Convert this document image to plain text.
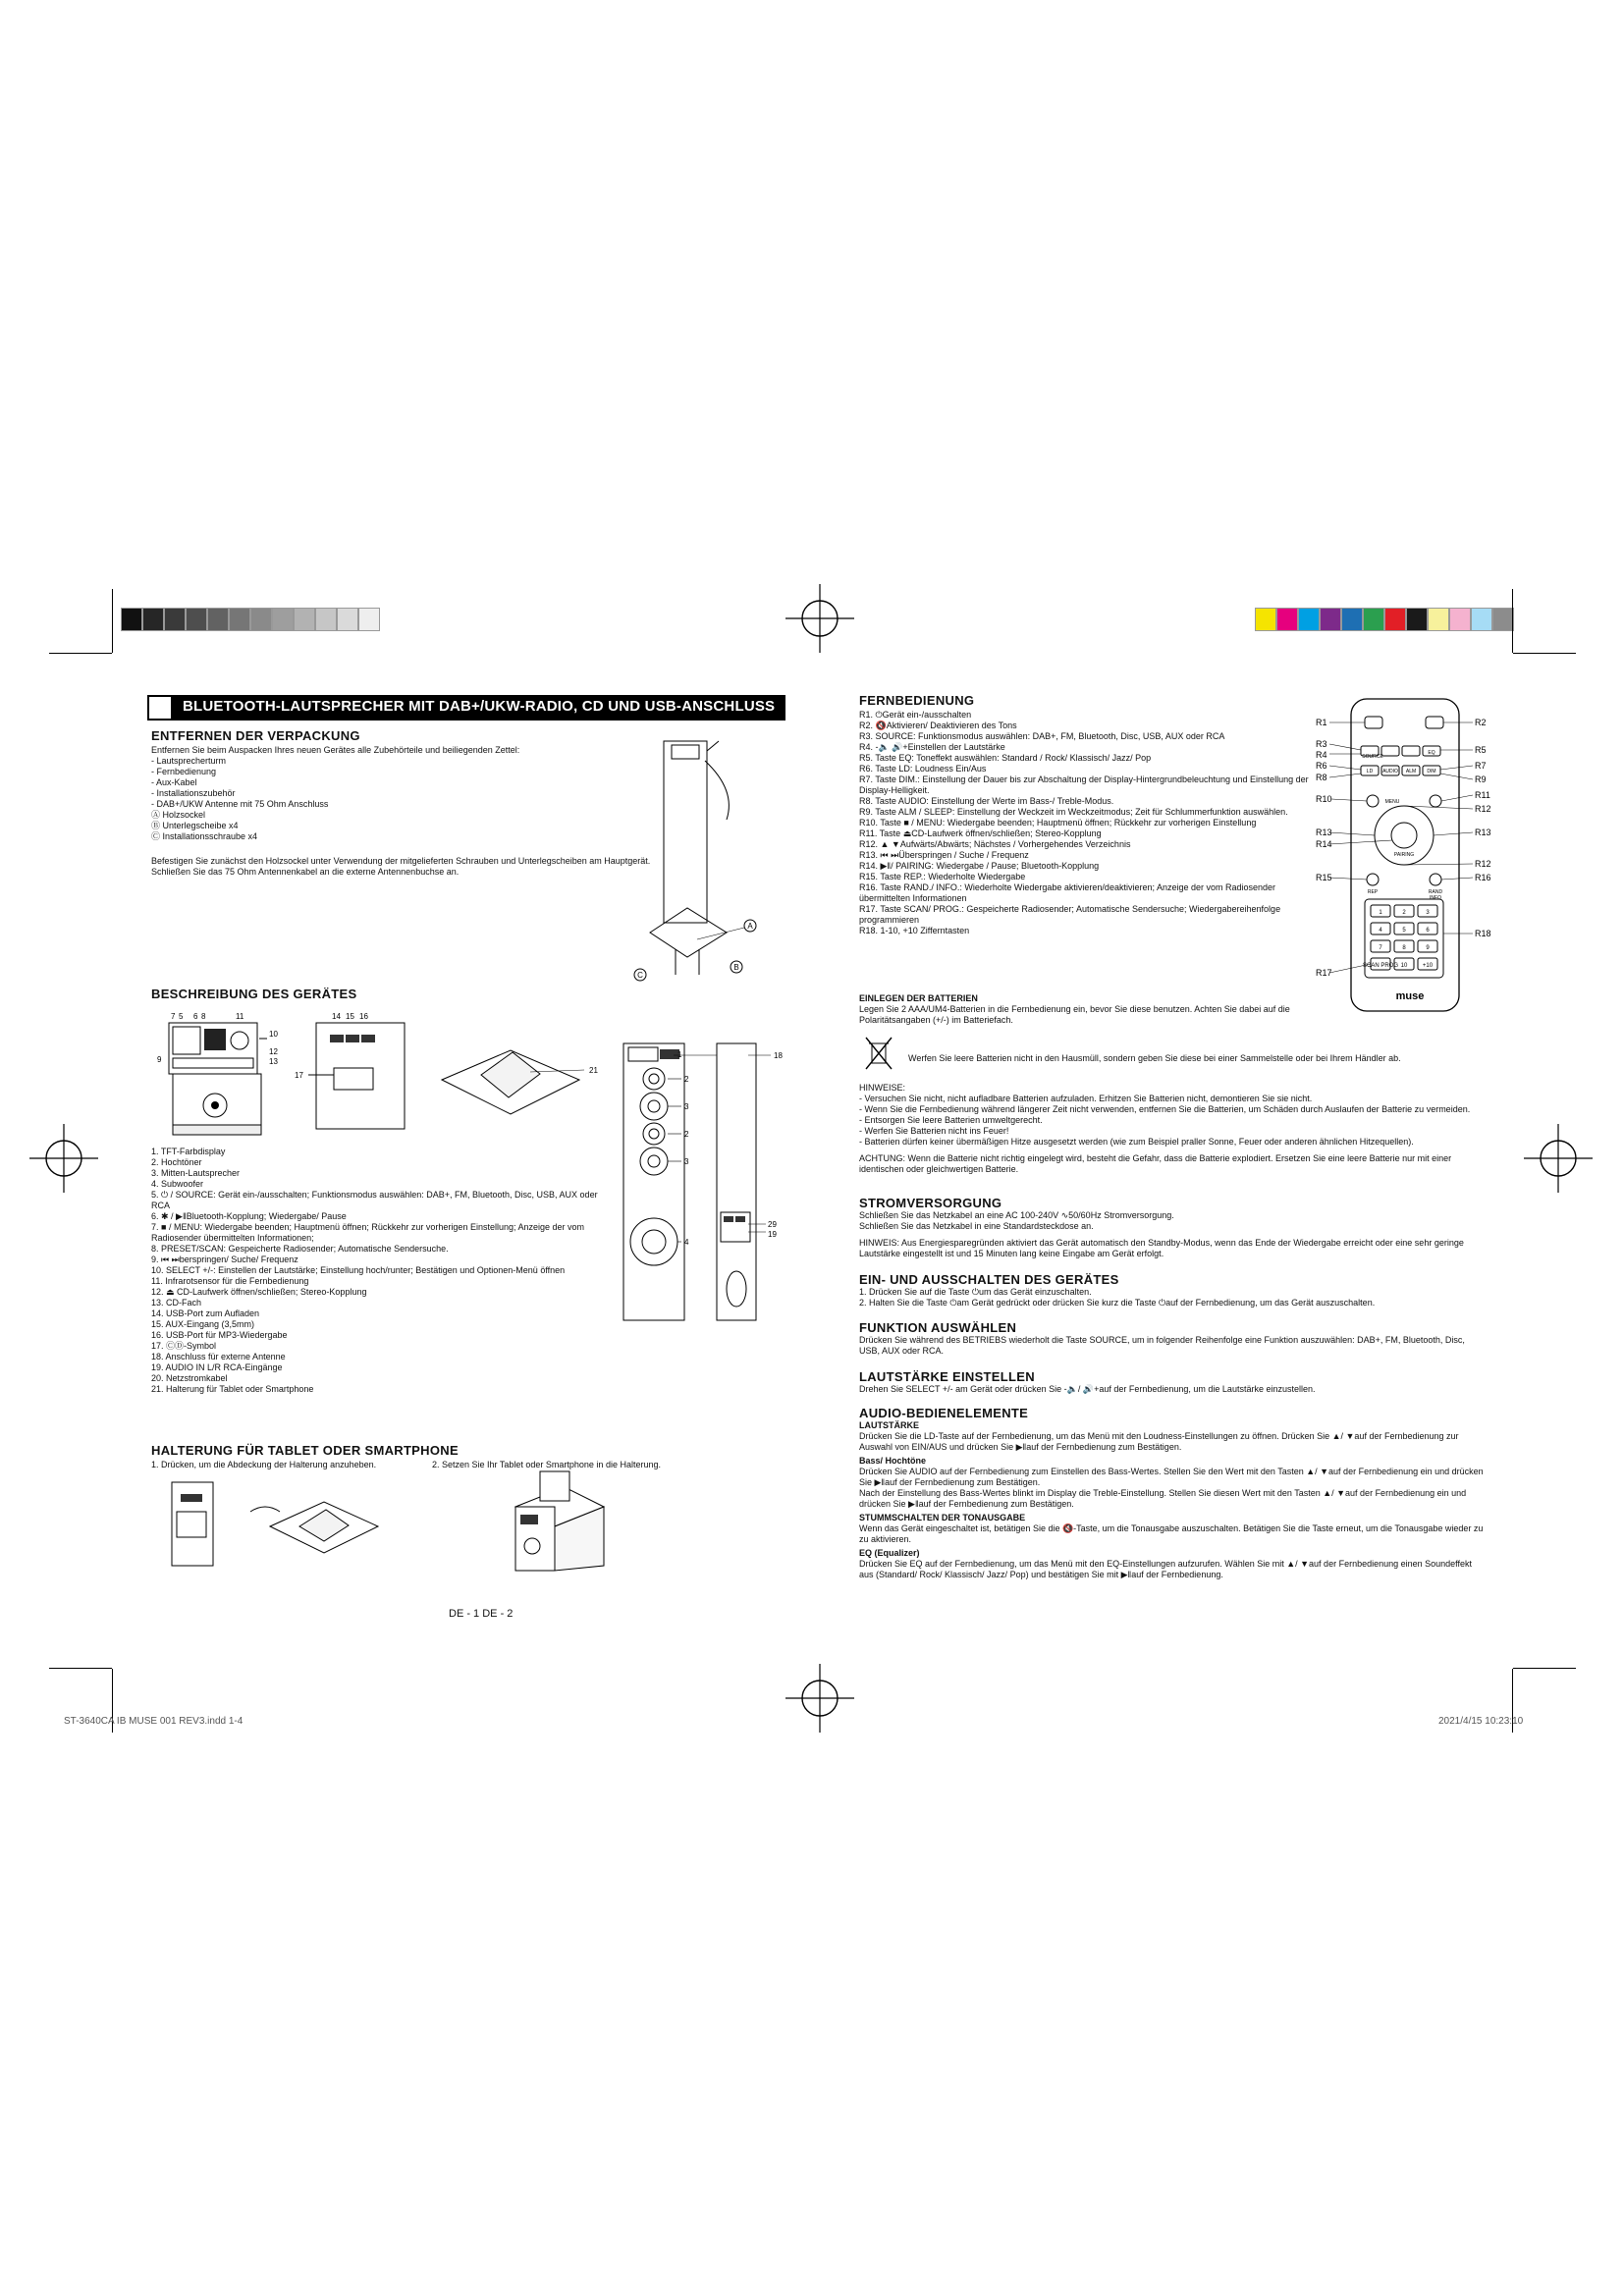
BLUETOOTH-LAUTSPRECHER MIT DAB+/UKW-RADIO, CD UND USB-ANSCHLUSS
ENTFERNEN DER VERPACKUNG
Entfernen Sie beim Auspacken Ihres neuen Gerätes alle Zubehörteile und beiliegenden Zettel:

- Lautsprecherturm

- Fernbedienung

- Aux-Kabel

- Installationszubehör

- DAB+/UKW Antenne mit 75 Ohm Anschluss

Ⓐ Holzsockel

Ⓑ Unterlegscheibe x4

Ⓒ Installationsschraube x4

Befestigen Sie zunächst den Holzsockel unter Verwendung der mitgelieferten Schrauben und Unterlegscheiben am Hauptgerät. Schließen Sie das 75 Ohm Antennenkabel an die externe Antennenbuchse an.
A
B
C
BESCHREIBUNG DES GERÄTES
7 5 6 8	11
10
12
13
9
14 15 16
17
21
2
3
2
3
4
1	18
29
19

1. TFT-Farbdisplay

2. Hochtöner

3. Mitten-Lautsprecher

4. Subwoofer

5. ⏻ / SOURCE: Gerät ein-/ausschalten; Funktionsmodus auswählen: DAB+, FM, Bluetooth, Disc, USB, AUX oder RCA

6. ✱ / ▶‖Bluetooth-Kopplung; Wiedergabe/ Pause

7. ■ / MENU: Wiedergabe beenden; Hauptmenü öffnen; Rückkehr zur vorherigen Einstellung; Anzeige der vom Radiosender übermittelten Informationen;

8. PRESET/SCAN: Gespeicherte Radiosender; Automatische Sendersuche.

9. ⏮ ⏭berspringen/ Suche/ Frequenz

10. SELECT +/-: Einstellen der Lautstärke; Einstellung hoch/runter; Bestätigen und Optionen-Menü öffnen

11. Infrarotsensor für die Fernbedienung

12. ⏏ CD-Laufwerk öffnen/schließen; Stereo-Kopplung

13. CD-Fach

14. USB-Port zum Aufladen

15. AUX-Eingang (3,5mm)

16. USB-Port für MP3-Wiedergabe

17. ⒸⒹ-Symbol

18. Anschluss für externe Antenne

19. AUDIO IN L/R RCA-Eingänge

20. Netzstromkabel

21. Halterung für Tablet oder Smartphone

HALTERUNG FÜR TABLET ODER SMARTPHONE
1. Drücken, um die Abdeckung der Halterung anzuheben.	2. Setzen Sie Ihr Tablet oder Smartphone in die Halterung.
DE - 1 DE - 2
FERNBEDIENUNG

R1. ⏻Gerät ein-/ausschalten

R2. 🔇Aktivieren/ Deaktivieren des Tons

R3. SOURCE: Funktionsmodus auswählen: DAB+, FM, Bluetooth, Disc, USB, AUX oder RCA

R4. -🔈 🔊+Einstellen der Lautstärke

R5. Taste EQ: Toneffekt auswählen: Standard / Rock/ Klassisch/ Jazz/ Pop

R6. Taste LD: Loudness Ein/Aus

R7. Taste DIM.: Einstellung der Dauer bis zur Abschaltung der Display-Hintergrundbeleuchtung und Einstellung der Display-Helligkeit.

R8. Taste AUDIO: Einstellung der Werte im Bass-/ Treble-Modus.

R9. Taste ALM / SLEEP: Einstellung der Weckzeit im Weckzeitmodus; Zeit für Schlummerfunktion auswählen.

R10. Taste ■ / MENU: Wiedergabe beenden; Hauptmenü öffnen; Rückkehr zur vorherigen Einstellung

R11. Taste ⏏CD-Laufwerk öffnen/schließen; Stereo-Kopplung

R12. ▲ ▼Aufwärts/Abwärts; Nächstes / Vorhergehendes Verzeichnis

R13. ⏮ ⏭Überspringen / Suche / Frequenz

R14. ▶‖/ PAIRING: Wiedergabe / Pause; Bluetooth-Kopplung

R15. Taste REP.: Wiederholte Wiedergabe

R16. Taste RAND./ INFO.: Wiederholte Wiedergabe aktivieren/deaktivieren; Anzeige der vom Radiosender übermittelten Informationen

R17. Taste SCAN/ PROG.: Gespeicherte Radiosender; Automatische Sendersuche; Wiedergabereihenfolge programmieren

R18. 1-10, +10 Zifferntasten

1	2	3
4	5	6
7	8	9
SCAN PROG 10	+10
SOURCE
EQ
LD AUDIO ALM DIM
MENU
PAIRING
REP	RAND
INFO
muse
R1
R3
R4
R6
R8
R10
R13
R14
R15
R17
R2
R5
R7
R9
R11
R12
R13
R12
R16
R18
EINLEGEN DER BATTERIEN
Legen Sie 2 AAA/UM4-Batterien in die Fernbedienung ein, bevor Sie diese benutzen. Achten Sie dabei auf die Polaritätsangaben (+/-) im Batteriefach.
Werfen Sie leere Batterien nicht in den Hausmüll, sondern geben Sie diese bei einer Sammelstelle oder bei Ihrem Händler ab.
HINWEISE:

- Versuchen Sie nicht, nicht aufladbare Batterien aufzuladen. Erhitzen Sie Batterien nicht, demontieren Sie sie nicht.

- Wenn Sie die Fernbedienung während längerer Zeit nicht verwenden, entfernen Sie die Batterien, um Schäden durch Auslaufen der Batterie zu vermeiden.

- Entsorgen Sie leere Batterien umweltgerecht.

- Werfen Sie Batterien nicht ins Feuer!

- Batterien dürfen keiner übermäßigen Hitze ausgesetzt werden (wie zum Beispiel praller Sonne, Feuer oder anderen ähnlichen Hitzequellen).

ACHTUNG: Wenn die Batterie nicht richtig eingelegt wird, besteht die Gefahr, dass die Batterie explodiert. Ersetzen Sie eine leere Batterie nur mit einer identischen oder gleichwertigen Batterie.
STROMVERSORGUNG
Schließen Sie das Netzkabel an eine AC 100-240V ∿50/60Hz Stromversorgung.
Schließen Sie das Netzkabel in eine Standardsteckdose an.
HINWEIS: Aus Energiesparegründen aktiviert das Gerät automatisch den Standby-Modus, wenn das Ende der Wiedergabe erreicht oder eine sehr geringe Lautstärke eingestellt ist und 15 Minuten lang keine Eingabe am Gerät erfolgt.
EIN- UND AUSSCHALTEN DES GERÄTES
1. Drücken Sie auf die Taste ⏻um das Gerät einzuschalten.
2. Halten Sie die Taste ⏻am Gerät gedrückt oder drücken Sie kurz die Taste ⏻auf der Fernbedienung, um das Gerät auszuschalten.
FUNKTION AUSWÄHLEN
Drücken Sie während des BETRIEBS wiederholt die Taste SOURCE, um in folgender Reihenfolge eine Funktion auszuwählen: DAB+, FM, Bluetooth, Disc, USB, AUX oder RCA.
LAUTSTÄRKE EINSTELLEN
Drehen Sie SELECT +/- am Gerät oder drücken Sie -🔈/ 🔊+auf der Fernbedienung, um die Lautstärke einzustellen.
AUDIO-BEDIENELEMENTE
LAUTSTÄRKE
Drücken Sie die LD-Taste auf der Fernbedienung, um das Menü mit den Loudness-Einstellungen zu öffnen. Drücken Sie ▲/ ▼auf der Fernbedienung zur Auswahl von EIN/AUS und drücken Sie ▶‖auf der Fernbedienung zum Bestätigen.
Bass/ Hochtöne
Drücken Sie AUDIO auf der Fernbedienung zum Einstellen des Bass-Wertes. Stellen Sie den Wert mit den Tasten ▲/ ▼auf der Fernbedienung ein und drücken Sie ▶‖auf der Fernbedienung zum Bestätigen.
Nach der Einstellung des Bass-Wertes blinkt im Display die Treble-Einstellung. Stellen Sie diesen Wert mit den Tasten ▲/ ▼auf der Fernbedienung ein und drücken Sie ▶‖auf der Fernbedienung zum Bestätigen.
STUMMSCHALTEN DER TONAUSGABE
Wenn das Gerät eingeschaltet ist, betätigen Sie die 🔇-Taste, um die Tonausgabe auszuschalten. Betätigen Sie die Taste erneut, um die Tonausgabe wieder zu zu aktivieren.
EQ (Equalizer)
Drücken Sie EQ auf der Fernbedienung, um das Menü mit den EQ-Einstellungen aufzurufen. Wählen Sie mit ▲/ ▼auf der Fernbedienung einen Soundeffekt aus (Standard/ Rock/ Klassisch/ Jazz/ Pop) und bestätigen Sie mit ▶‖auf der Fernbedienung.
ST-3640CA IB MUSE 001 REV3.indd 1-4	2021/4/15 10:23:10
